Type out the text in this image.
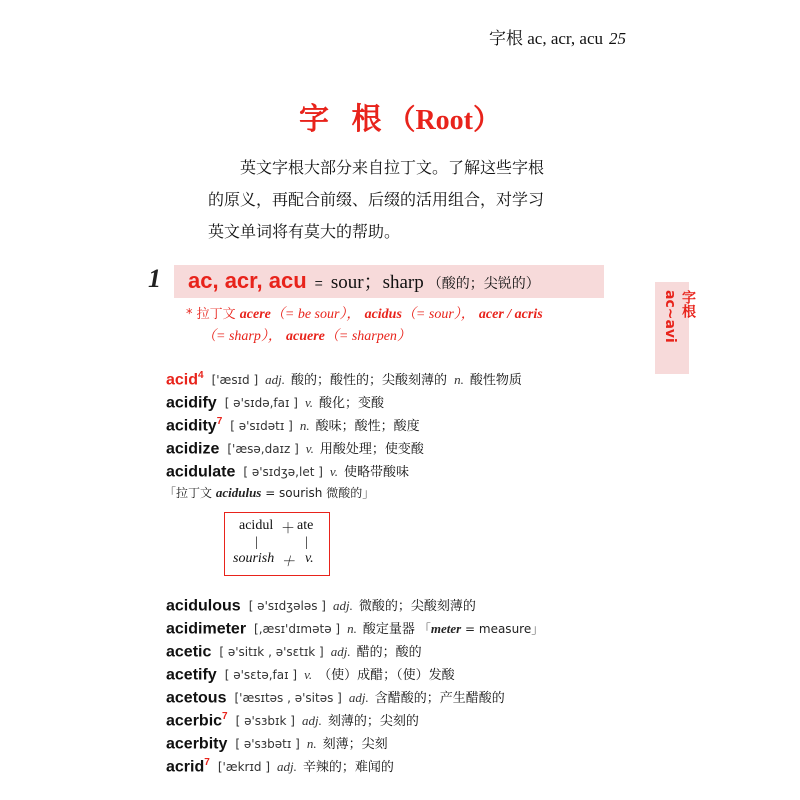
字根 ac, acr, acu 25
字 根（Root）

英文字根大部分来自拉丁文。了解这些字根

的原义，再配合前缀、后缀的活用组合，对学习
英文单词将有莫大的帮助。
1 ac, acr, acu = sour；sharp （酸的；尖锐的）
字根 ac~avi
* 拉丁文 acere（= be sour）， acidus（= sour）， acer / acris
（= sharp）， acuere（= sharpen）
acid$^4$ ['æsɪd ] adj. 酸的；酸性的；尖酸刻薄的 n. 酸性物质
acidify [ ə'sɪdə,faɪ ] v. 酸化；变酸
acidity$^7$ [ ə'sɪdətɪ ] n. 酸味；酸性；酸度
acidize ['æsə,daɪz ] v. 用酸处理；使变酸
acidulate [ ə'sɪdʒə,let ] v. 使略带酸味
「拉丁文 acidulus = sourish 微酸的」
acidul ＋ ate
|	|
sourish ＋ v.
acidulous [ ə'sɪdʒələs ] adj. 微酸的；尖酸刻薄的
acidimeter [,æsɪ'dɪmətə ] n. 酸定量器 「meter = measure」
acetic [ ə'sitɪk , ə'sɛtɪk ] adj. 醋的；酸的
acetify [ ə'sɛtə,faɪ ] v. （使）成醋；（使）发酸
acetous ['æsɪtəs , ə'sitəs ] adj. 含醋酸的；产生醋酸的
acerbic$^7$ [ ə'sɜbɪk ] adj. 刻薄的；尖刻的
acerbity [ ə'sɜbətɪ ] n. 刻薄；尖刻
acrid$^7$ ['ækrɪd ] adj. 辛辣的；难闻的
